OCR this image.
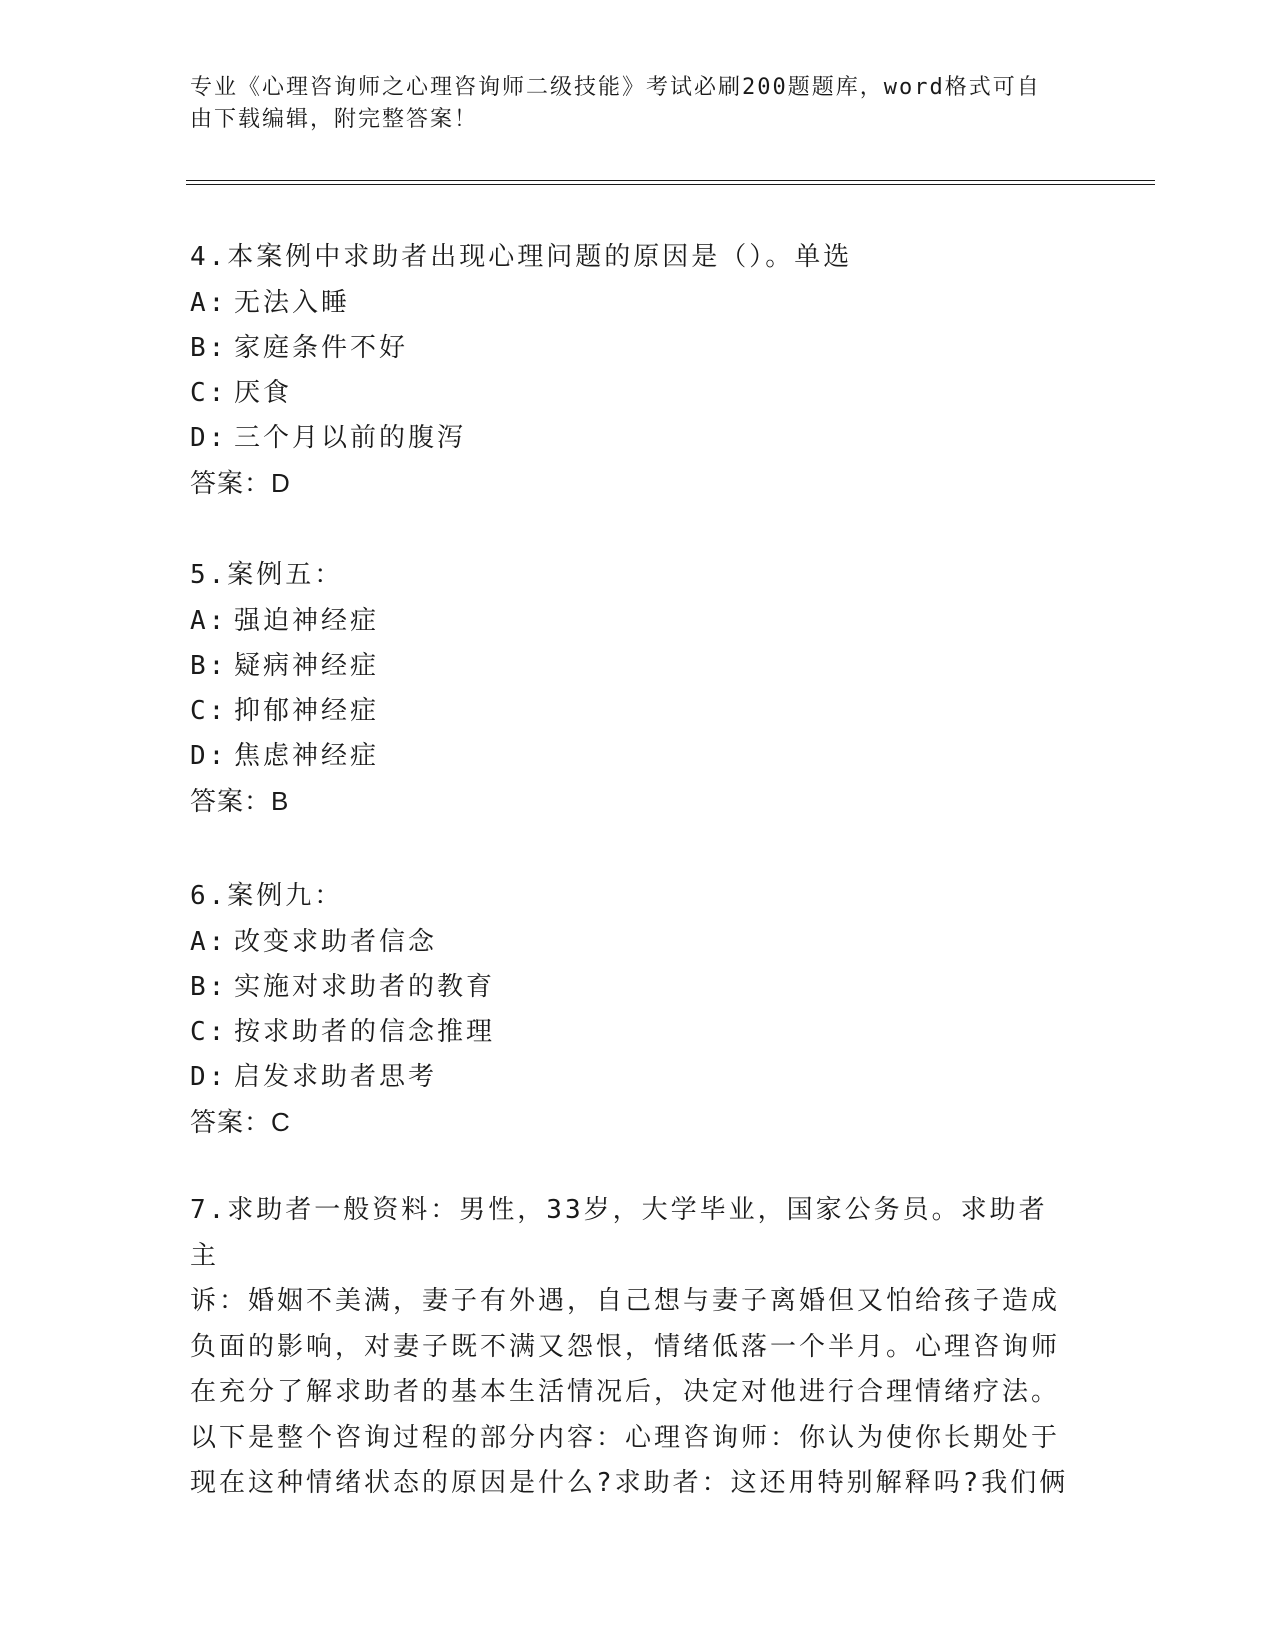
专业《心理咨询师之心理咨询师二级技能》考试必刷200题题库，word格式可自
由下载编辑，附完整答案！
4.本案例中求助者出现心理问题的原因是（）。单选
A: 无法入睡
B: 家庭条件不好
C: 厌食
D: 三个月以前的腹泻
答案：D
5.案例五：
A: 强迫神经症
B: 疑病神经症
C: 抑郁神经症
D: 焦虑神经症
答案：B
6.案例九：
A: 改变求助者信念
B: 实施对求助者的教育
C: 按求助者的信念推理
D: 启发求助者思考
答案：C
7.求助者一般资料：男性，33岁，大学毕业，国家公务员。求助者主
诉：婚姻不美满，妻子有外遇，自己想与妻子离婚但又怕给孩子造成
负面的影响，对妻子既不满又怨恨，情绪低落一个半月。心理咨询师
在充分了解求助者的基本生活情况后，决定对他进行合理情绪疗法。
以下是整个咨询过程的部分内容：心理咨询师：你认为使你长期处于
现在这种情绪状态的原因是什么?求助者：这还用特别解释吗?我们俩
